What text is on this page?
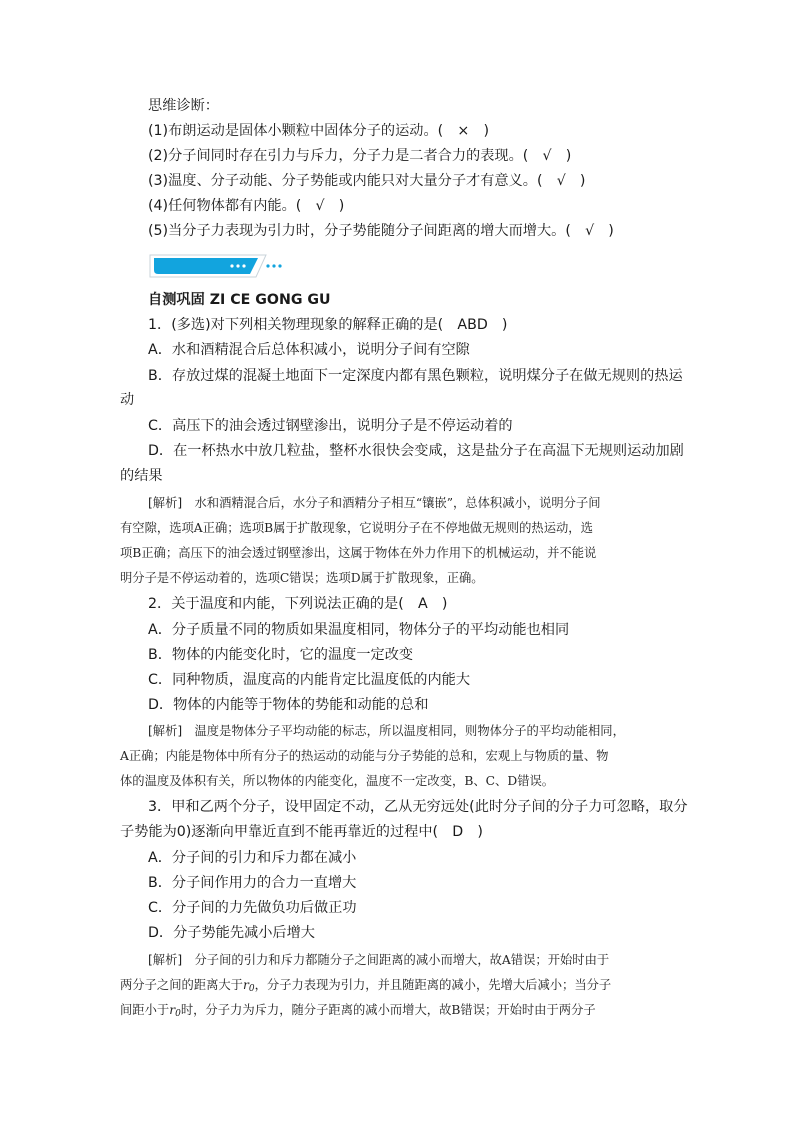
思维诊断：
(1)布朗运动是固体小颗粒中固体分子的运动。(　×　)
(2)分子间同时存在引力与斥力，分子力是二者合力的表现。(　√　)
(3)温度、分子动能、分子势能或内能只对大量分子才有意义。(　√　)
(4)任何物体都有内能。(　√　)
(5)当分子力表现为引力时，分子势能随分子间距离的增大而增大。(　√　)
自测巩固 ZI CE GONG GU
1．(多选)对下列相关物理现象的解释正确的是(　ABD　)
A．水和酒精混合后总体积减小，说明分子间有空隙
B．存放过煤的混凝土地面下一定深度内都有黑色颗粒，说明煤分子在做无规则的热运
动
C．高压下的油会透过钢壁渗出，说明分子是不停运动着的
D．在一杯热水中放几粒盐，整杯水很快会变咸，这是盐分子在高温下无规则运动加剧
的结果
[解析]　水和酒精混合后，水分子和酒精分子相互“镶嵌”，总体积减小，说明分子间
有空隙，选项A正确；选项B属于扩散现象，它说明分子在不停地做无规则的热运动，选
项B正确；高压下的油会透过钢壁渗出，这属于物体在外力作用下的机械运动，并不能说
明分子是不停运动着的，选项C错误；选项D属于扩散现象，正确。
2．关于温度和内能，下列说法正确的是(　A　)
A．分子质量不同的物质如果温度相同，物体分子的平均动能也相同
B．物体的内能变化时，它的温度一定改变
C．同种物质，温度高的内能肯定比温度低的内能大
D．物体的内能等于物体的势能和动能的总和
[解析]　温度是物体分子平均动能的标志，所以温度相同，则物体分子的平均动能相同，
A正确；内能是物体中所有分子的热运动的动能与分子势能的总和，宏观上与物质的量、物
体的温度及体积有关，所以物体的内能变化，温度不一定改变，B、C、D错误。
3．甲和乙两个分子，设甲固定不动，乙从无穷远处(此时分子间的分子力可忽略，取分
子势能为0)逐渐向甲靠近直到不能再靠近的过程中(　D　)
A．分子间的引力和斥力都在减小
B．分子间作用力的合力一直增大
C．分子间的力先做负功后做正功
D．分子势能先减小后增大
[解析]　分子间的引力和斥力都随分子之间距离的减小而增大，故A错误；开始时由于
两分子之间的距离大于$r_0$，分子力表现为引力，并且随距离的减小，先增大后减小；当分子
间距小于$r_0$时，分子力为斥力，随分子距离的减小而增大，故B错误；开始时由于两分子
